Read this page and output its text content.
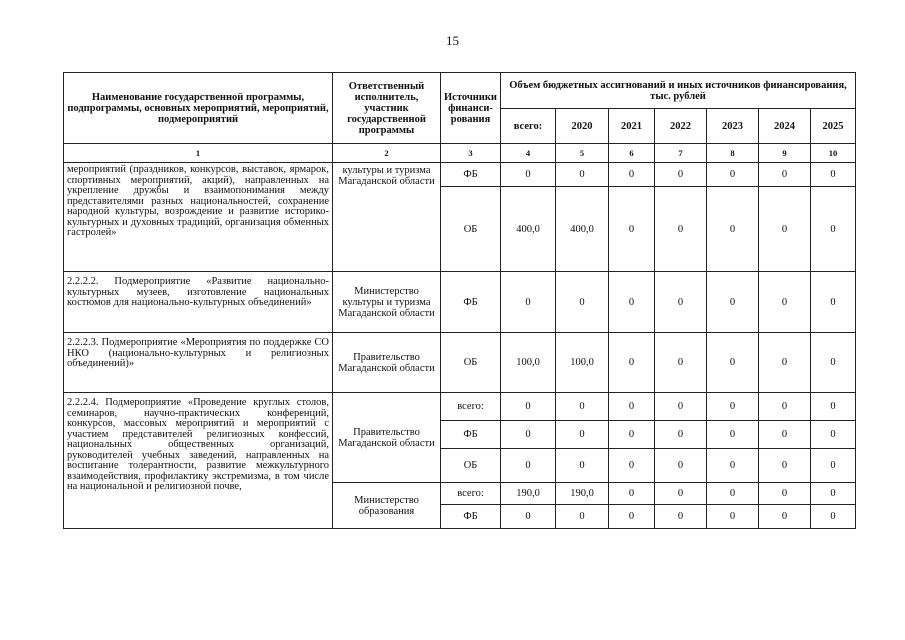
15
Наименование государственной программы, подпрограммы, основных мероприятий, мероприятий, подмероприятий	Ответственный исполнитель, участник государственной программы	Источники финанси-рования	Объем бюджетных ассигнований и иных источников финансирования, тыс. рублей						
			всего:	2020	2021	2022	2023	2024	2025
1	2	3	4	5	6	7	8	9	10
мероприятий (праздников, конкурсов, выставок, ярмарок, спортивных мероприятий, акций), направленных на укрепление дружбы и взаимопонимания между представителями разных национальностей, сохранение народной культуры, возрождение и развитие историко-культурных и духовных традиций, организация обменных гастролей»	культуры и туризма Магаданской области	ФБ	0	0	0	0	0	0	0
		ОБ	400,0	400,0	0	0	0	0	0
2.2.2.2. Подмероприятие «Развитие национально-культурных музеев, изготовление национальных костюмов для национально-культурных объединений»	Министерство культуры и туризма Магаданской области	ФБ	0	0	0	0	0	0	0
2.2.2.3. Подмероприятие «Мероприятия по поддержке СО НКО (национально-культурных и религиозных объединений)»	Правительство Магаданской области	ОБ	100,0	100,0	0	0	0	0	0
2.2.2.4. Подмероприятие «Проведение круглых столов, семинаров, научно-практических конференций, конкурсов, массовых мероприятий и мероприятий с участием представителей религиозных конфессий, национальных общественных организаций, руководителей учебных заведений, направленных на воспитание толерантности, развитие межкультурного взаимодействия, профилактику экстремизма, в том числе на национальной и религиозной почве,	Правительство Магаданской области	всего:	0	0	0	0	0	0	0
		ФБ	0	0	0	0	0	0	0
		ОБ	0	0	0	0	0	0	0
	Министерство образования	всего:	190,0	190,0	0	0	0	0	0
		ФБ	0	0	0	0	0	0	0
